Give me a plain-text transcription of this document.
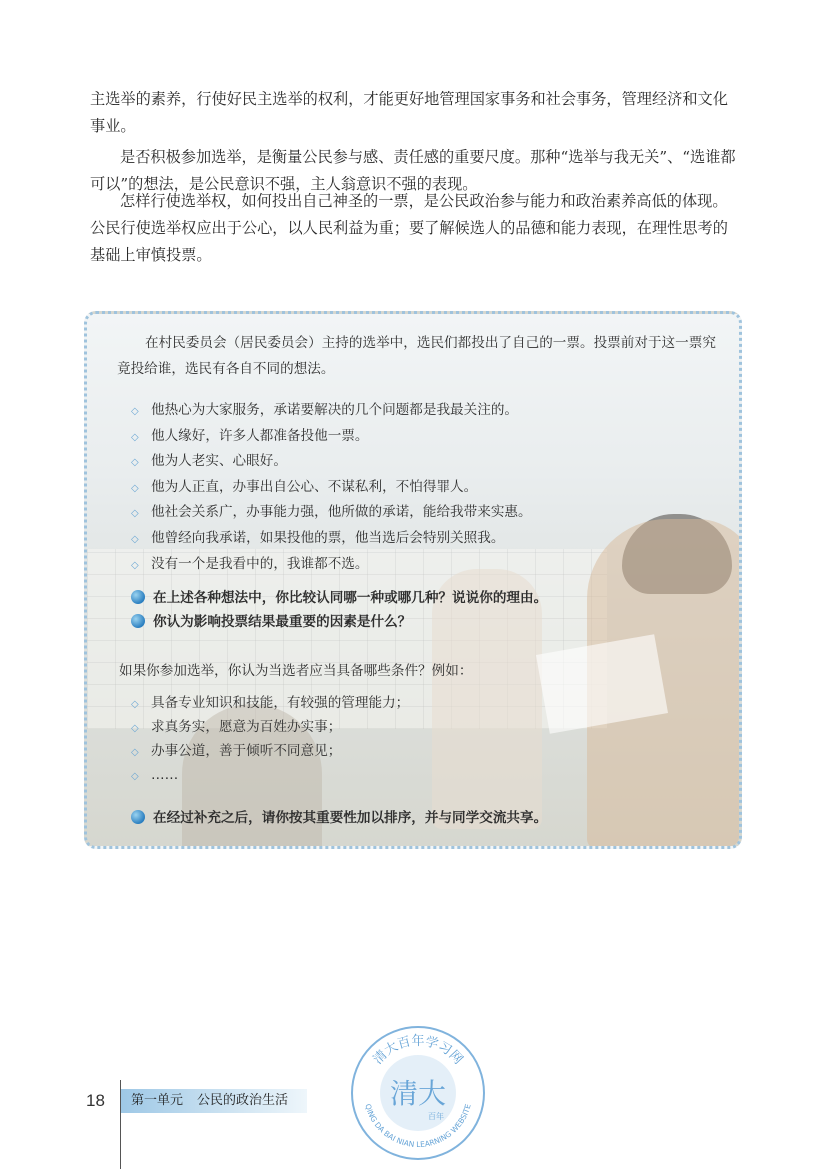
主选举的素养，行使好民主选举的权利，才能更好地管理国家事务和社会事务，管理经济和文化事业。

是否积极参加选举，是衡量公民参与感、责任感的重要尺度。那种“选举与我无关”、“选谁都可以”的想法，是公民意识不强，主人翁意识不强的表现。

怎样行使选举权，如何投出自己神圣的一票，是公民政治参与能力和政治素养高低的体现。公民行使选举权应出于公心，以人民利益为重；要了解候选人的品德和能力表现，在理性思考的基础上审慎投票。

在村民委员会（居民委员会）主持的选举中，选民们都投出了自己的一票。投票前对于这一票究竟投给谁，选民有各自不同的想法。

◇ 他热心为大家服务，承诺要解决的几个问题都是我最关注的。
◇ 他人缘好，许多人都准备投他一票。
◇ 他为人老实、心眼好。
◇ 他为人正直，办事出自公心、不谋私利，不怕得罪人。
◇ 他社会关系广，办事能力强，他所做的承诺，能给我带来实惠。
◇ 他曾经向我承诺，如果投他的票，他当选后会特别关照我。
◇ 没有一个是我看中的，我谁都不选。
在上述各种想法中，你比较认同哪一种或哪几种？说说你的理由。
你认为影响投票结果最重要的因素是什么？
如果你参加选举，你认为当选者应当具备哪些条件？例如：
◇ 具备专业知识和技能，有较强的管理能力；
◇ 求真务实，愿意为百姓办实事；
◇ 办事公道，善于倾听不同意见；
◇ ……
在经过补充之后，请你按其重要性加以排序，并与同学交流共享。
18	第一单元 公民的政治生活
清大百年学习网
QING DA BAI NIAN LEARNING WEBSITE
清大
百年
